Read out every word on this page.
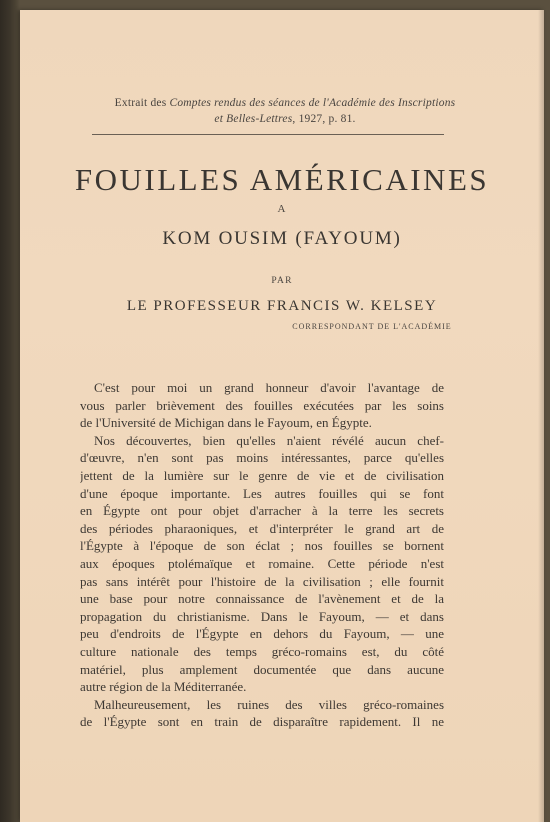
Extrait des Comptes rendus des séances de l'Académie des Inscriptions
et Belles-Lettres, 1927, p. 81.
FOUILLES AMÉRICAINES
A
KOM OUSIM (FAYOUM)
PAR
LE PROFESSEUR FRANCIS W. KELSEY
CORRESPONDANT DE L'ACADÉMIE
C'est pour moi un grand honneur d'avoir l'avantage de
vous parler brièvement des fouilles exécutées par les soins
de l'Université de Michigan dans le Fayoum, en Égypte.
Nos découvertes, bien qu'elles n'aient révélé aucun chef-
d'œuvre, n'en sont pas moins intéressantes, parce qu'elles
jettent de la lumière sur le genre de vie et de civilisation
d'une époque importante. Les autres fouilles qui se font
en Égypte ont pour objet d'arracher à la terre les secrets
des périodes pharaoniques, et d'interpréter le grand art de
l'Égypte à l'époque de son éclat ; nos fouilles se bornent
aux époques ptolémaïque et romaine. Cette période n'est
pas sans intérêt pour l'histoire de la civilisation ; elle fournit
une base pour notre connaissance de l'avènement et de la
propagation du christianisme. Dans le Fayoum, — et dans
peu d'endroits de l'Égypte en dehors du Fayoum, — une
culture nationale des temps gréco-romains est, du côté
matériel, plus amplement documentée que dans aucune
autre région de la Méditerranée.
Malheureusement, les ruines des villes gréco-romaines
de l'Égypte sont en train de disparaître rapidement. Il ne
